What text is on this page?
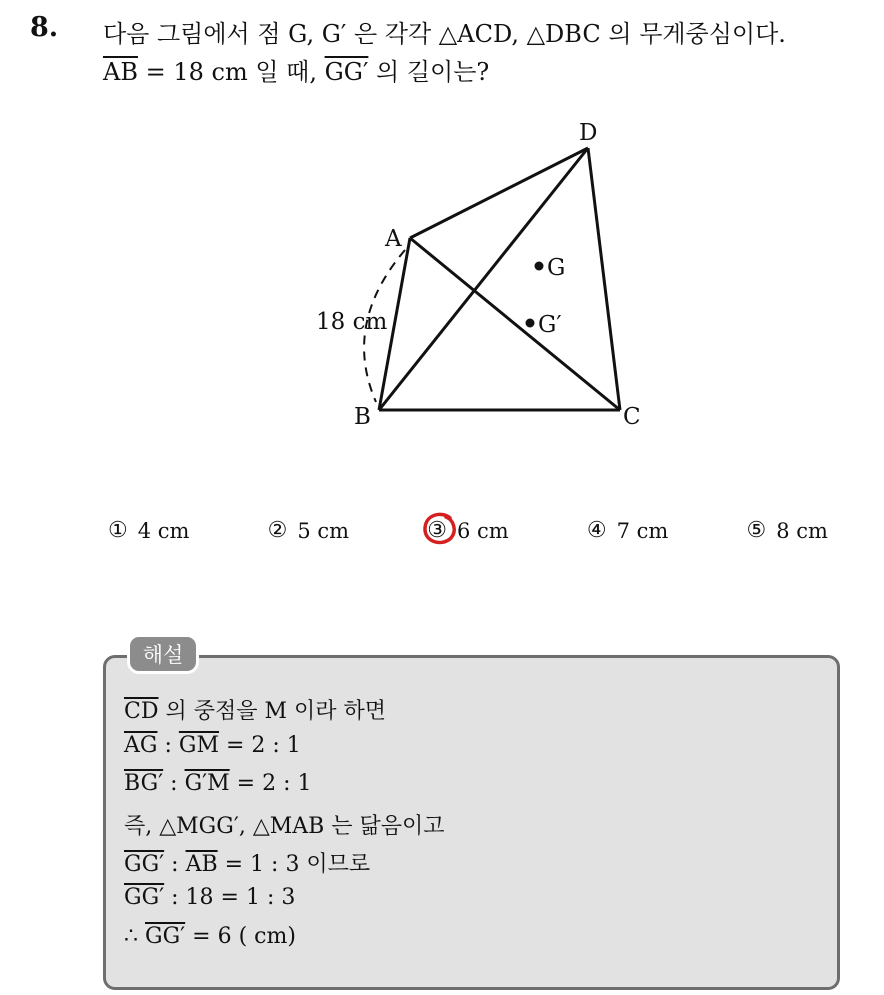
8. 다음 그림에서 점 G, G′ 은 각각 △ACD, △DBC 의 무게중심이다.
$\overline{AB} = 18$ cm 일 때, GG′ 의 길이는?
D
A
B	C
G
G′
18 cm
① 4 cm	② 5 cm	③ 6 cm	④ 7 cm	⑤ 8 cm
해설
$\overline{CD}$ 의 중점을 M 이라 하면
$\overline{AG}$ : $\overline{GM} = 2$ : 1
BG′ : G′M = 2 : 1
즉, △MGG′, △MAB 는 닮음이고
GG′ : $\overline{AB} = 1$ : 3 이므로
GG′ : 18 = 1 : 3
∴ GG′ = 6 ( cm)
